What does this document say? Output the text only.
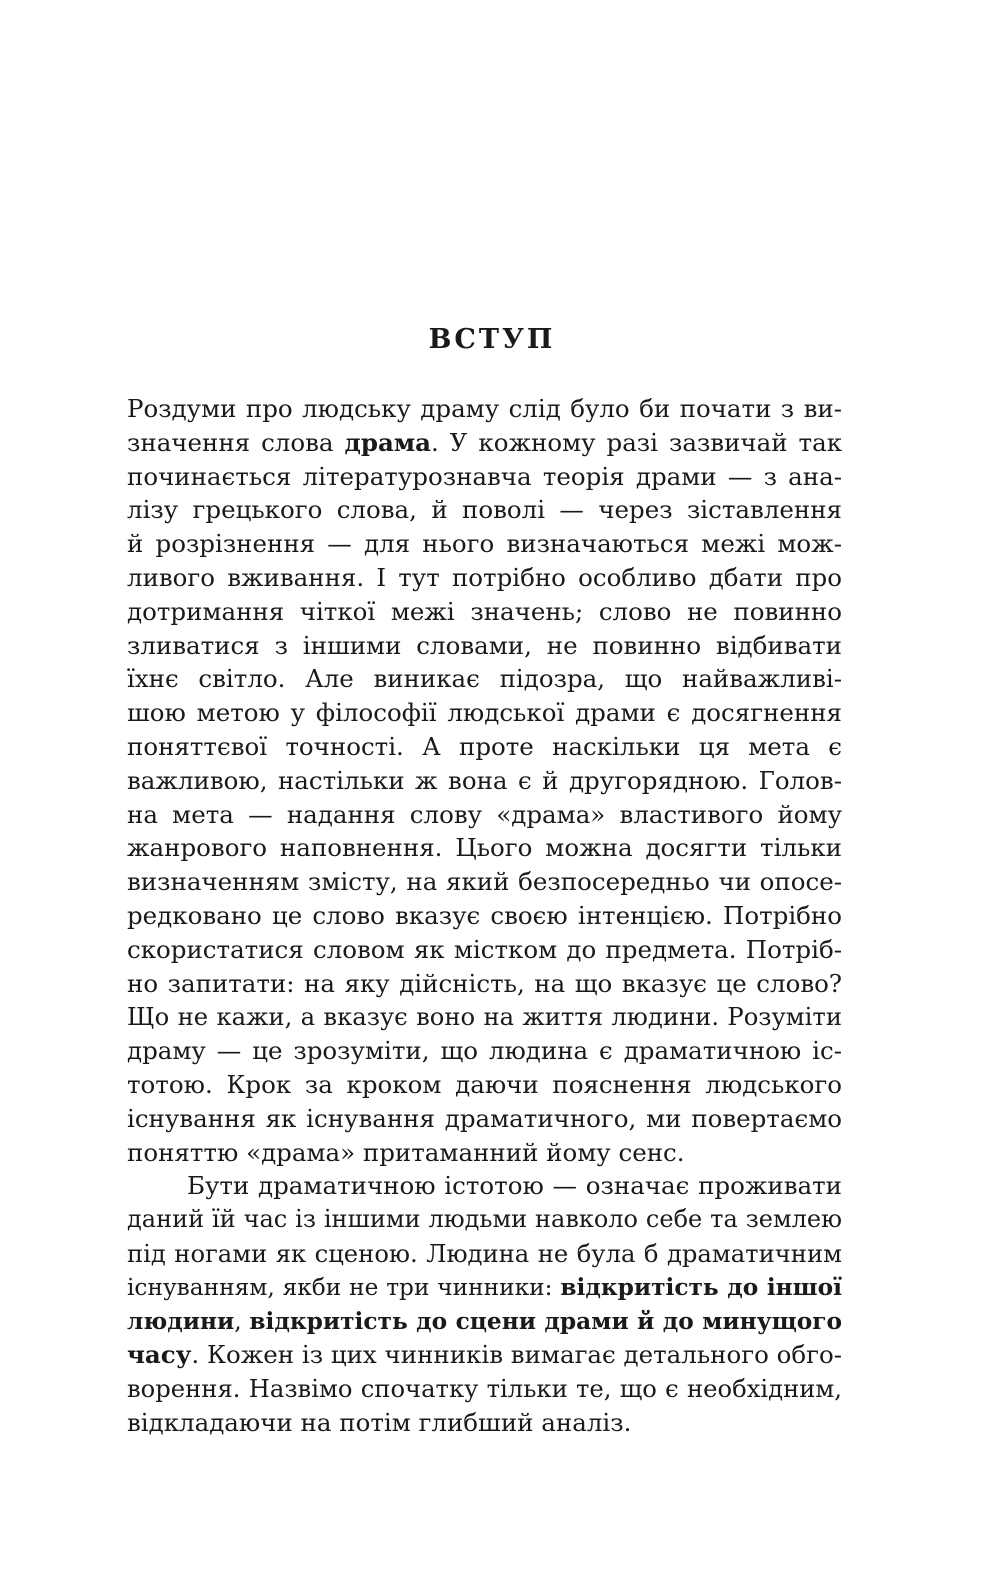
ВСТУП
Роздуми про людську драму слід було би почати з ви-
значення слова драма. У кожному разі зазвичай так
починається літературознавча теорія драми — з ана-
лізу грецького слова, й поволі — через зіставлення
й розрізнення — для нього визначаються межі мож-
ливого вживання. І тут потрібно особливо дбати про
дотримання чіткої межі значень; слово не повинно
зливатися з іншими словами, не повинно відбивати
їхнє світло. Але виникає підозра, що найважливі-
шою метою у філософії людської драми є досягнення
поняттєвої точності. А проте наскільки ця мета є
важливою, настільки ж вона є й другорядною. Голов-
на мета — надання слову «драма» властивого йому
жанрового наповнення. Цього можна досягти тільки
визначенням змісту, на який безпосередньо чи опосе-
редковано це слово вказує своєю інтенцією. Потрібно
скористатися словом як містком до предмета. Потріб-
но запитати: на яку дійсність, на що вказує це слово?
Що не кажи, а вказує воно на життя людини. Розуміти
драму — це зрозуміти, що людина є драматичною іс-
тотою. Крок за кроком даючи пояснення людського
існування як існування драматичного, ми повертаємо
поняттю «драма» притаманний йому сенс.
Бути драматичною істотою — означає проживати
даний їй час із іншими людьми навколо себе та землею
під ногами як сценою. Людина не була б драматичним
існуванням, якби не три чинники: відкритість до іншої
людини, відкритість до сцени драми й до минущого
часу. Кожен із цих чинників вимагає детального обго-
ворення. Назвімо спочатку тільки те, що є необхідним,
відкладаючи на потім глибший аналіз.
